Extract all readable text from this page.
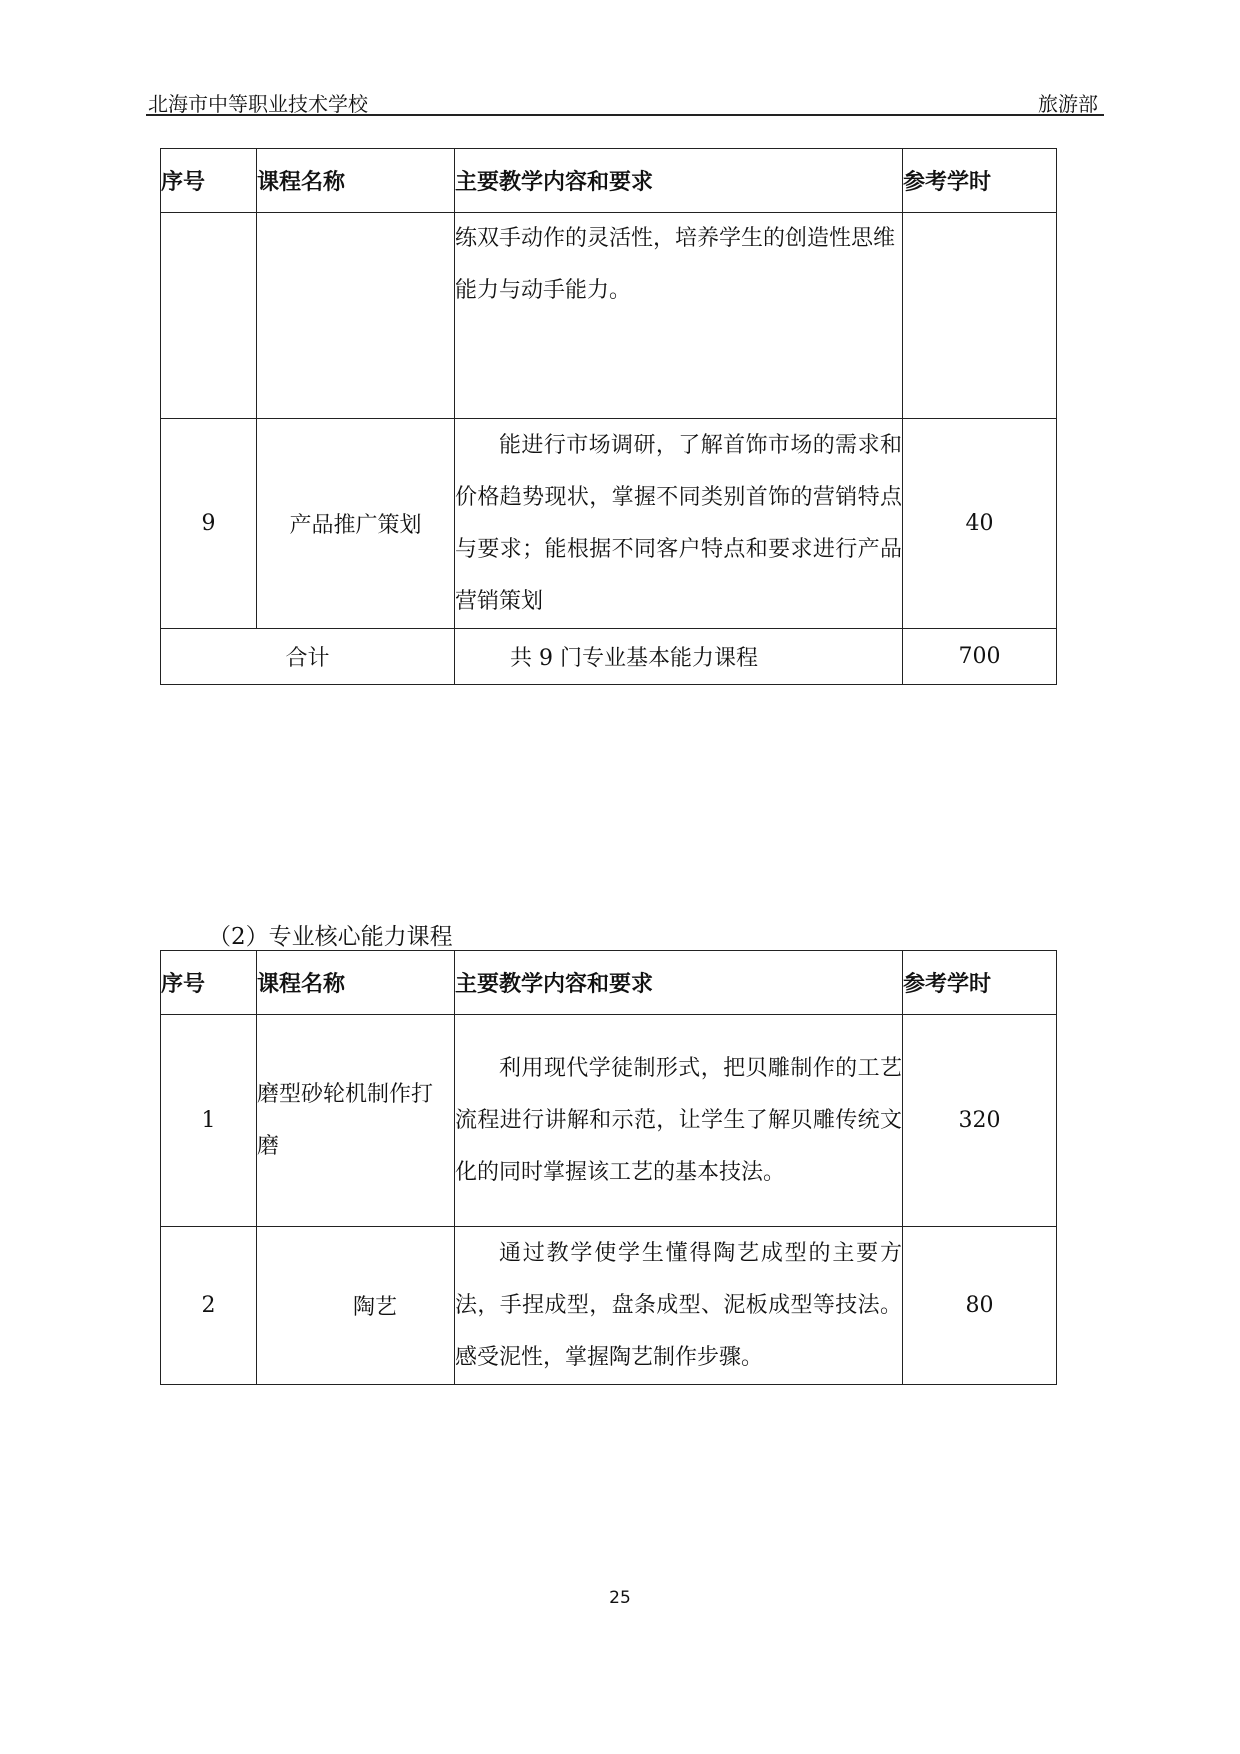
北海市中等职业技术学校	旅游部
序号	课程名称	主要教学内容和要求	参考学时
		练双手动作的灵活性，培养学生的创造性思维能力与动手能力。	
9	产品推广策划	能进行市场调研，了解首饰市场的需求和价格趋势现状，掌握不同类别首饰的营销特点与要求；能根据不同客户特点和要求进行产品营销策划	40
合计		共 9 门专业基本能力课程	700
（2）专业核心能力课程
序号	课程名称	主要教学内容和要求	参考学时
1	磨型砂轮机制作打磨	利用现代学徒制形式，把贝雕制作的工艺流程进行讲解和示范，让学生了解贝雕传统文化的同时掌握该工艺的基本技法。	320
2	陶艺	通过教学使学生懂得陶艺成型的主要方法，手捏成型，盘条成型、泥板成型等技法。感受泥性，掌握陶艺制作步骤。	80
25
